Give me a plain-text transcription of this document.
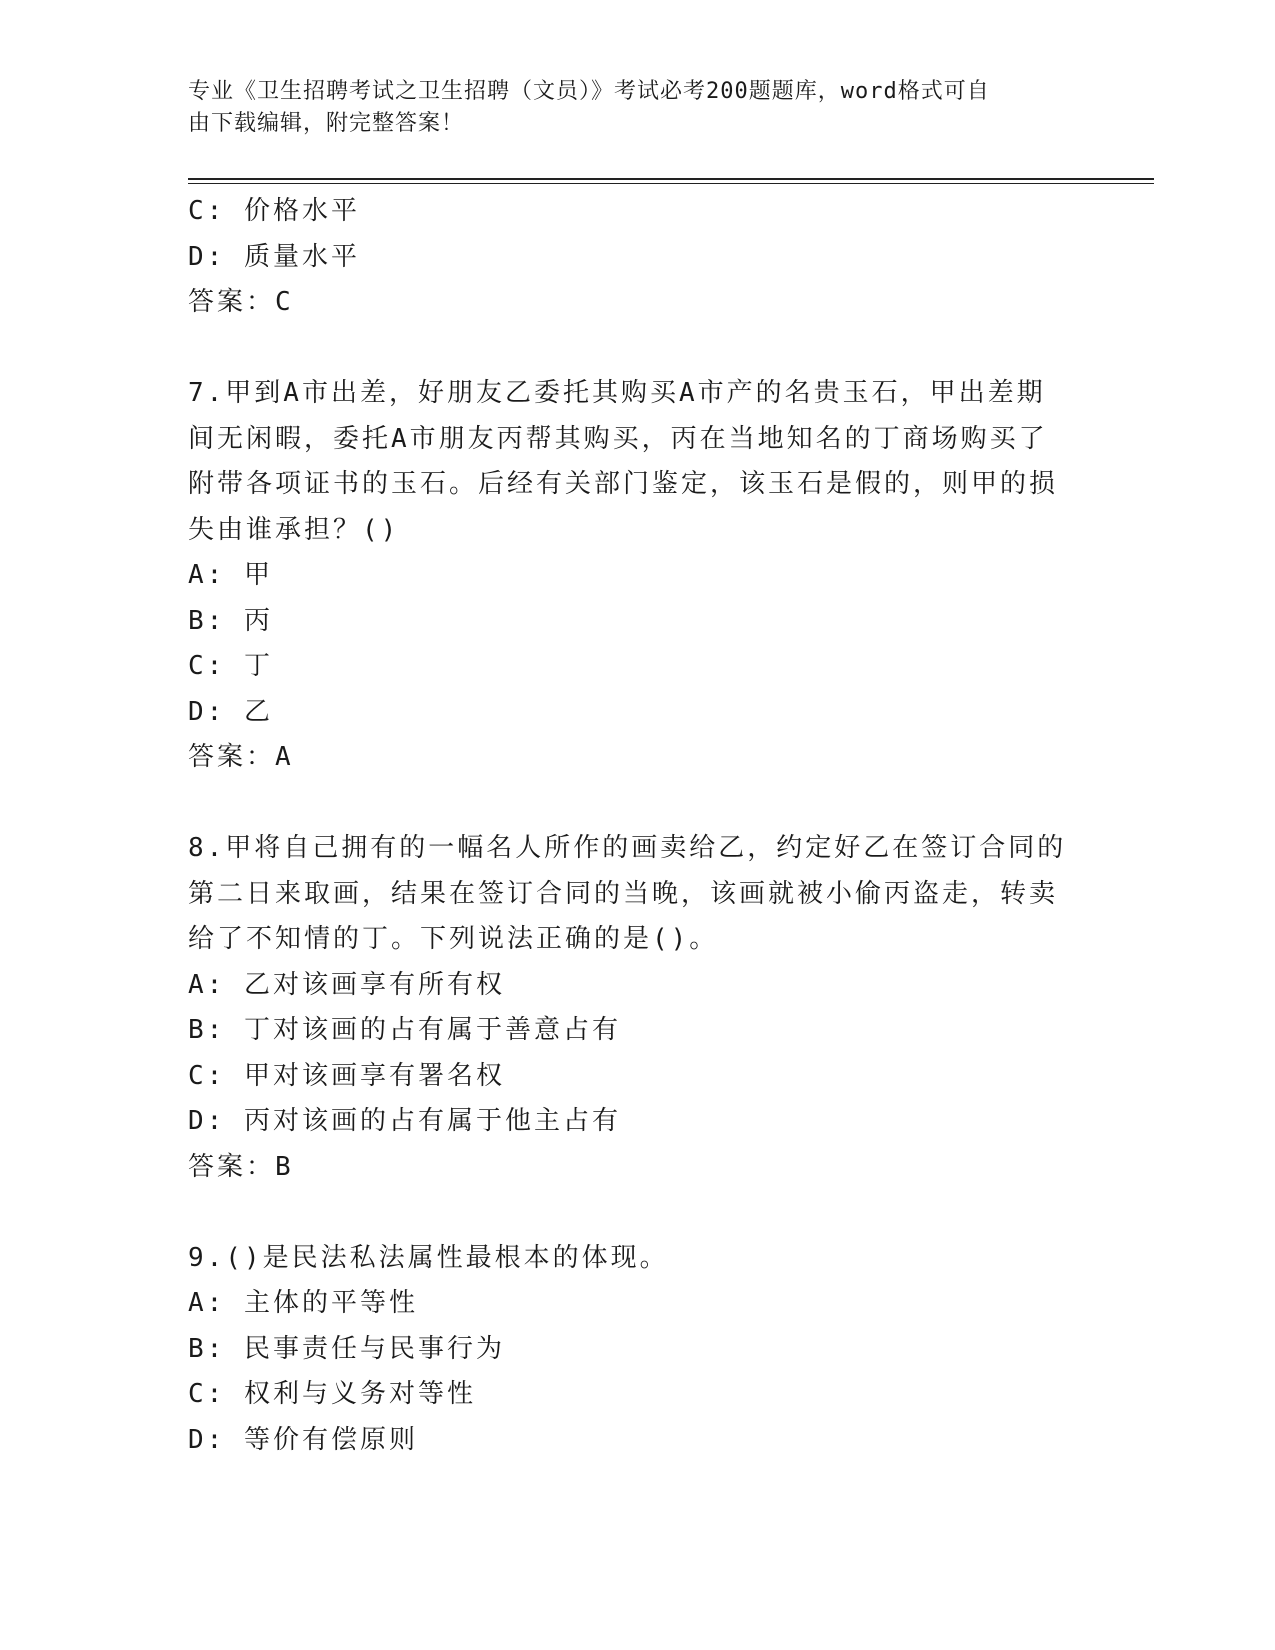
专业《卫生招聘考试之卫生招聘（文员）》考试必考200题题库，word格式可自
由下载编辑，附完整答案！
C: 价格水平
D: 质量水平
答案：C
7.甲到A市出差，好朋友乙委托其购买A市产的名贵玉石，甲出差期
间无闲暇，委托A市朋友丙帮其购买，丙在当地知名的丁商场购买了
附带各项证书的玉石。后经有关部门鉴定，该玉石是假的，则甲的损
失由谁承担？()
A: 甲
B: 丙
C: 丁
D: 乙
答案：A
8.甲将自己拥有的一幅名人所作的画卖给乙，约定好乙在签订合同的
第二日来取画，结果在签订合同的当晚，该画就被小偷丙盗走，转卖
给了不知情的丁。下列说法正确的是()。
A: 乙对该画享有所有权
B: 丁对该画的占有属于善意占有
C: 甲对该画享有署名权
D: 丙对该画的占有属于他主占有
答案：B
9.()是民法私法属性最根本的体现。
A: 主体的平等性
B: 民事责任与民事行为
C: 权利与义务对等性
D: 等价有偿原则
